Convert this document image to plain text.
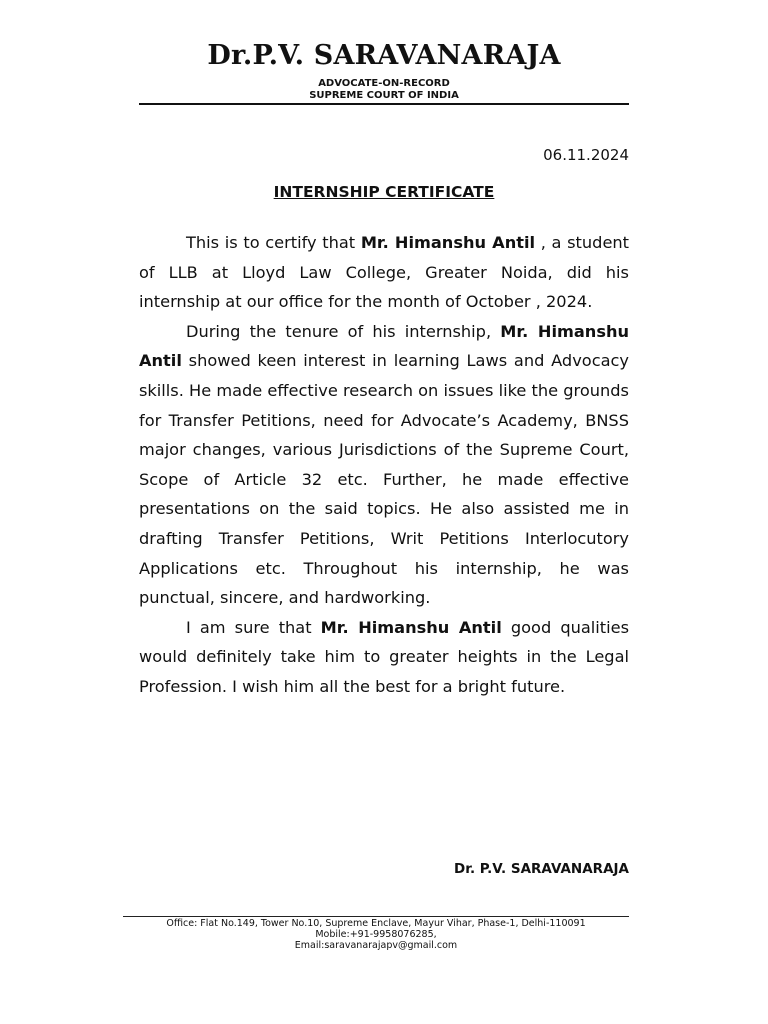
Dr.P.V. SARAVANARAJA
ADVOCATE-ON-RECORD
SUPREME COURT OF INDIA
06.11.2024
INTERNSHIP CERTIFICATE

This is to certify that Mr. Himanshu Antil , a student of LLB at Lloyd Law College, Greater Noida, did his internship at our office for the month of October , 2024.

During the tenure of his internship, Mr. Himanshu Antil showed keen interest in learning Laws and Advocacy skills. He made effective research on issues like the grounds for Transfer Petitions, need for Advocate’s Academy, BNSS major changes, various Jurisdictions of the Supreme Court, Scope of Article 32 etc. Further, he made effective presentations on the said topics. He also assisted me in drafting Transfer Petitions, Writ Petitions Interlocutory Applications etc. Throughout his internship, he was punctual, sincere, and hardworking.

I am sure that Mr. Himanshu Antil good qualities would definitely take him to greater heights in the Legal Profession. I wish him all the best for a bright future.

Dr. P.V. SARAVANARAJA
Office: Flat No.149, Tower No.10, Supreme Enclave, Mayur Vihar, Phase-1, Delhi-110091
Mobile:+91-9958076285,
Email:saravanarajapv@gmail.com
